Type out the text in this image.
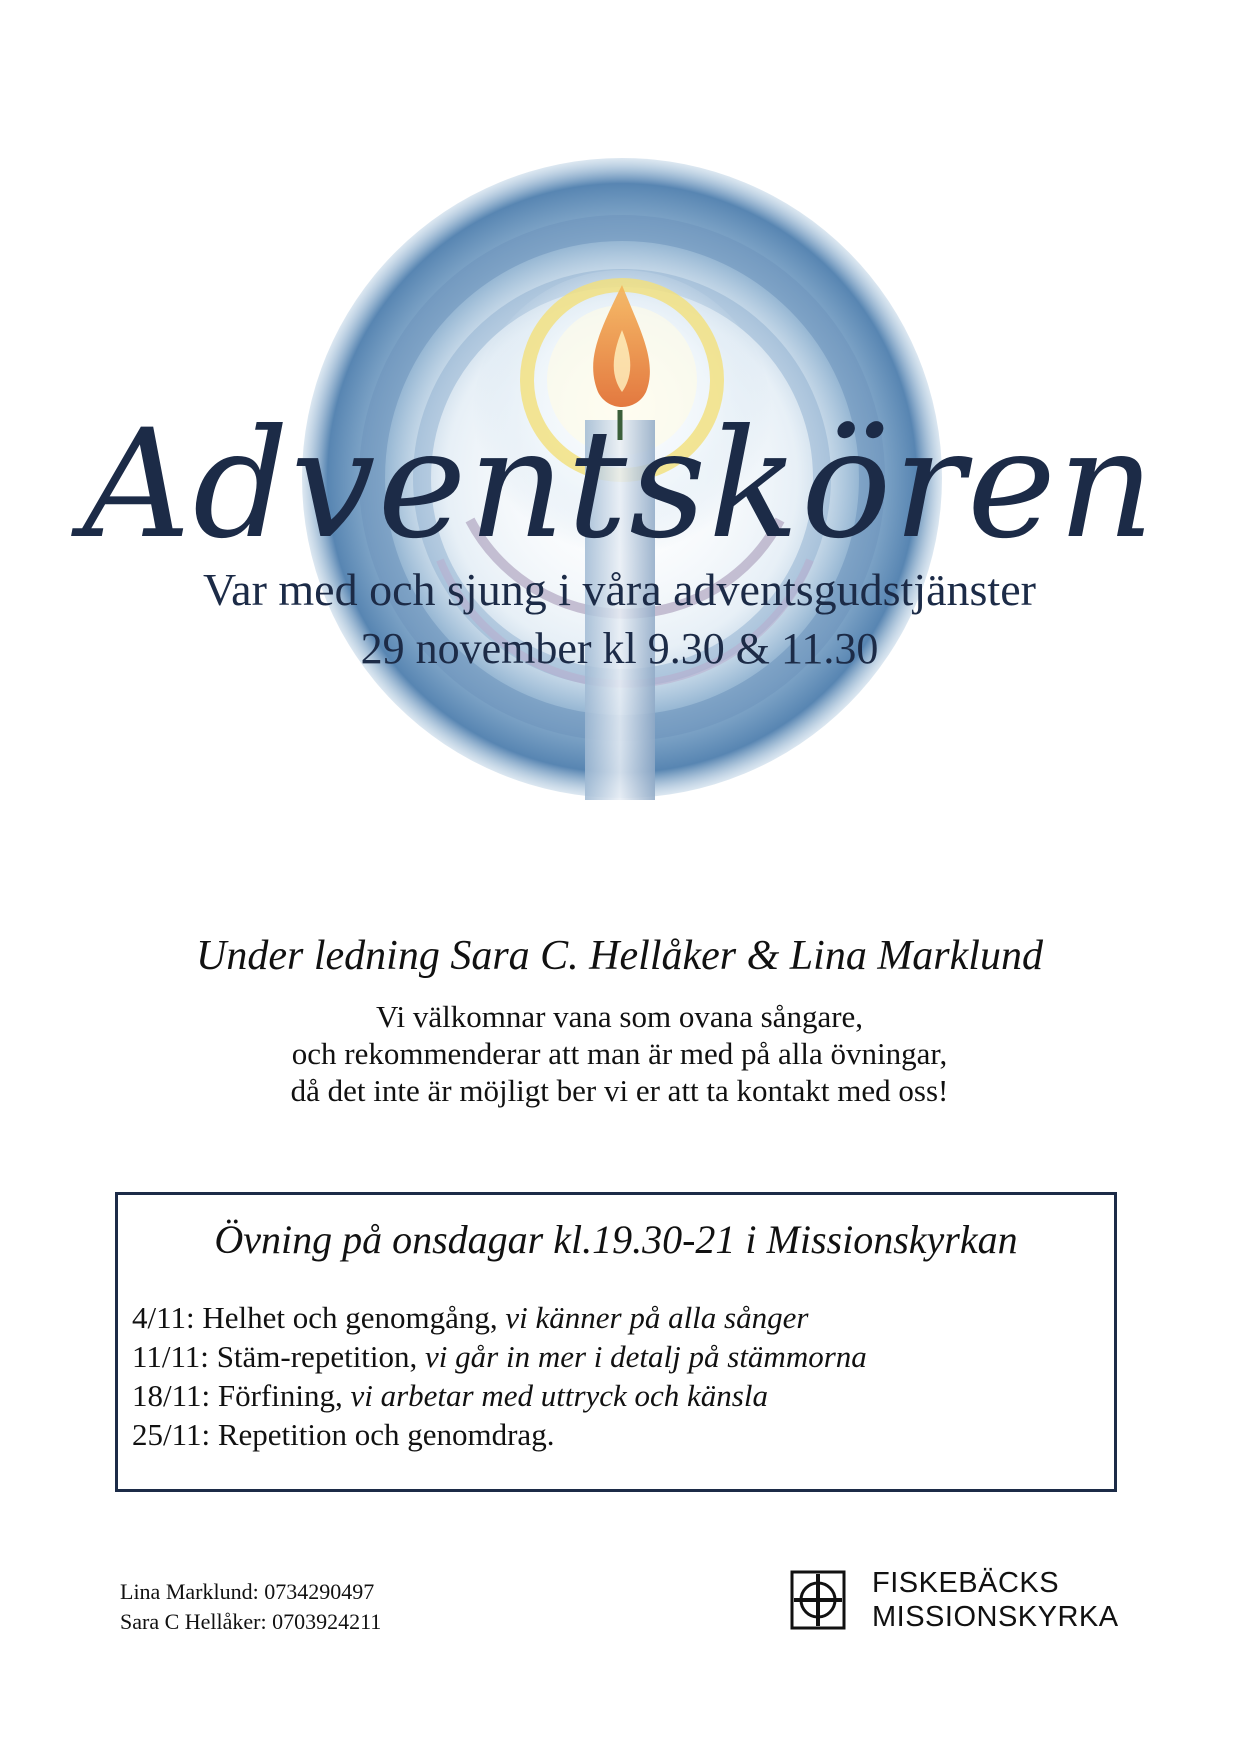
Adventskören
Var med och sjung i våra adventsgudstjänster
29 november kl 9.30 & 11.30
Under ledning Sara C. Hellåker & Lina Marklund
Vi välkomnar vana som ovana sångare,
och rekommenderar att man är med på alla övningar,
då det inte är möjligt ber vi er att ta kontakt med oss!
Övning på onsdagar kl.19.30-21 i Missionskyrkan
4/11: Helhet och genomgång, vi känner på alla sånger
11/11: Stäm-repetition, vi går in mer i detalj på stämmorna
18/11: Förfining, vi arbetar med uttryck och känsla
25/11: Repetition och genomdrag.
Lina Marklund: 0734290497
Sara C Hellåker: 0703924211
FISKEBÄCKS
MISSIONSKYRKA
